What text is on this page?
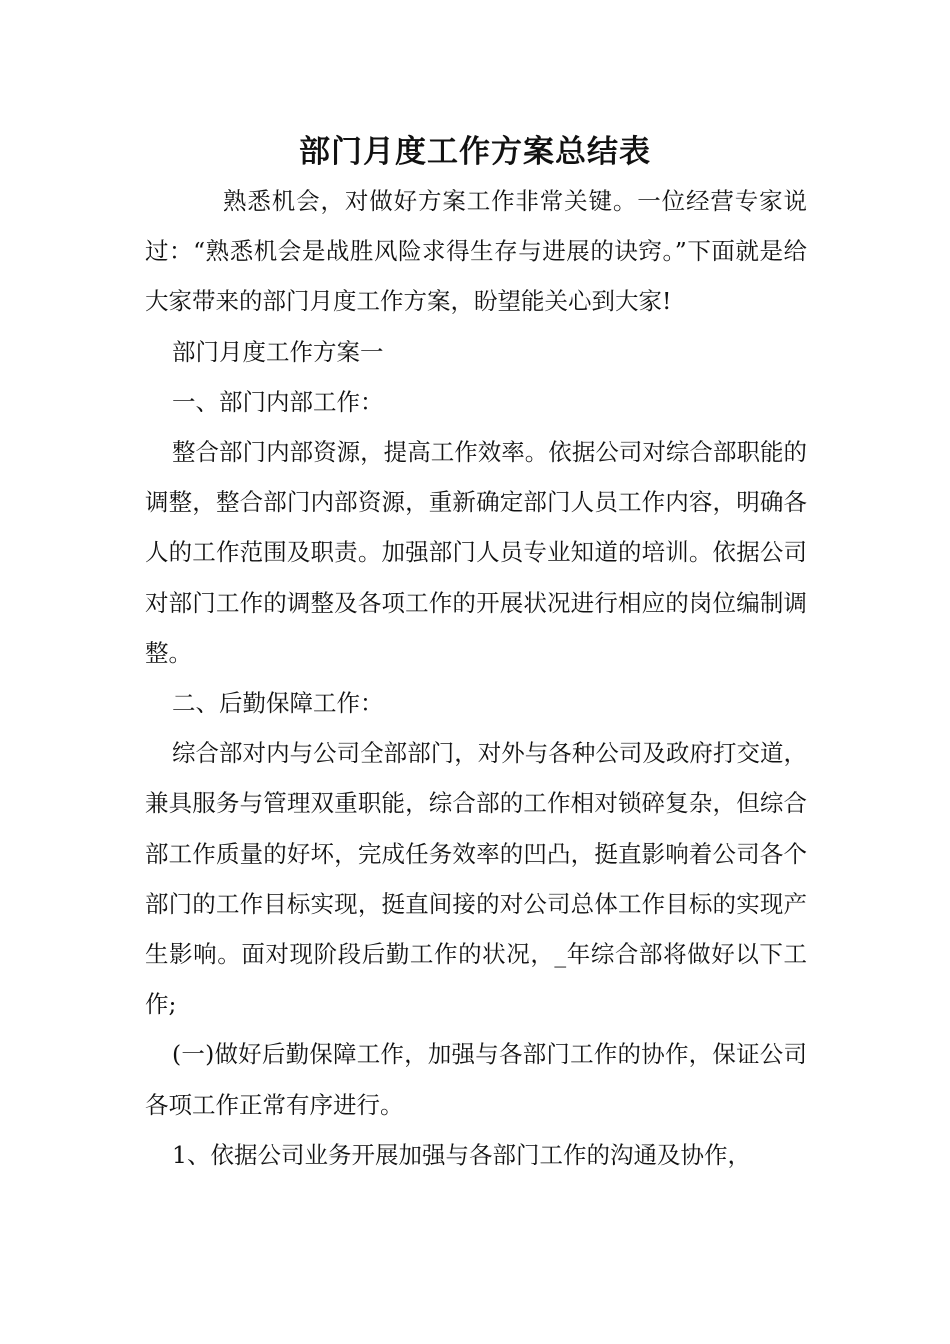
部门月度工作方案总结表

熟悉机会，对做好方案工作非常关键。一位经营专家说过：“熟悉机会是战胜风险求得生存与进展的诀窍。”下面就是给大家带来的部门月度工作方案，盼望能关心到大家!

部门月度工作方案一

一、部门内部工作：

整合部门内部资源，提高工作效率。依据公司对综合部职能的调整，整合部门内部资源，重新确定部门人员工作内容，明确各人的工作范围及职责。加强部门人员专业知道的培训。依据公司对部门工作的调整及各项工作的开展状况进行相应的岗位编制调整。

二、后勤保障工作：

综合部对内与公司全部部门，对外与各种公司及政府打交道，兼具服务与管理双重职能，综合部的工作相对锁碎复杂，但综合部工作质量的好坏，完成任务效率的凹凸，挺直影响着公司各个部门的工作目标实现，挺直间接的对公司总体工作目标的实现产生影响。面对现阶段后勤工作的状况，_年综合部将做好以下工作;

(一)做好后勤保障工作，加强与各部门工作的协作，保证公司各项工作正常有序进行。

1、依据公司业务开展加强与各部门工作的沟通及协作，
